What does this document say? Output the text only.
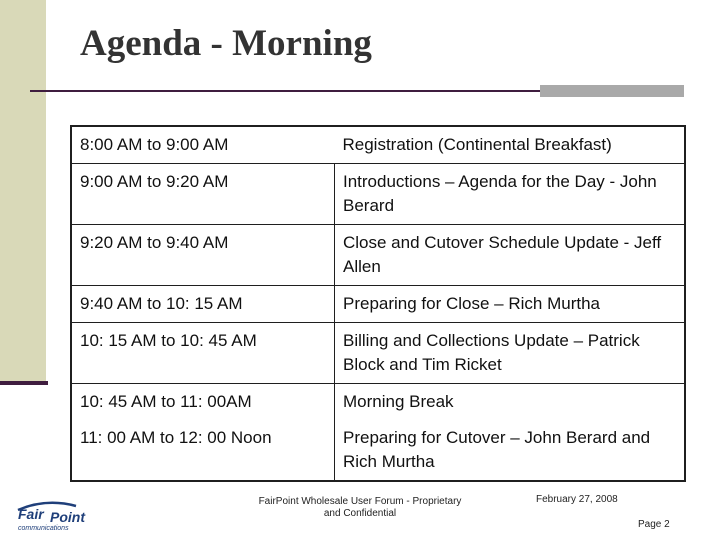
Agenda - Morning
8:00 AM to 9:00 AM	Registration (Continental Breakfast)
9:00 AM to 9:20 AM	Introductions – Agenda for the Day - John Berard
9:20 AM to 9:40 AM	Close and Cutover Schedule Update - Jeff Allen
9:40 AM to 10: 15 AM	Preparing for Close – Rich Murtha
10: 15 AM to 10: 45 AM	Billing and Collections Update – Patrick Block and Tim Ricket
10: 45 AM to 11: 00AM	Morning Break
11: 00 AM to 12: 00 Noon	Preparing for Cutover – John Berard and Rich Murtha
Fair Point
communications
FairPoint Wholesale User Forum - Proprietary
and Confidential
February 27, 2008
Page 2
